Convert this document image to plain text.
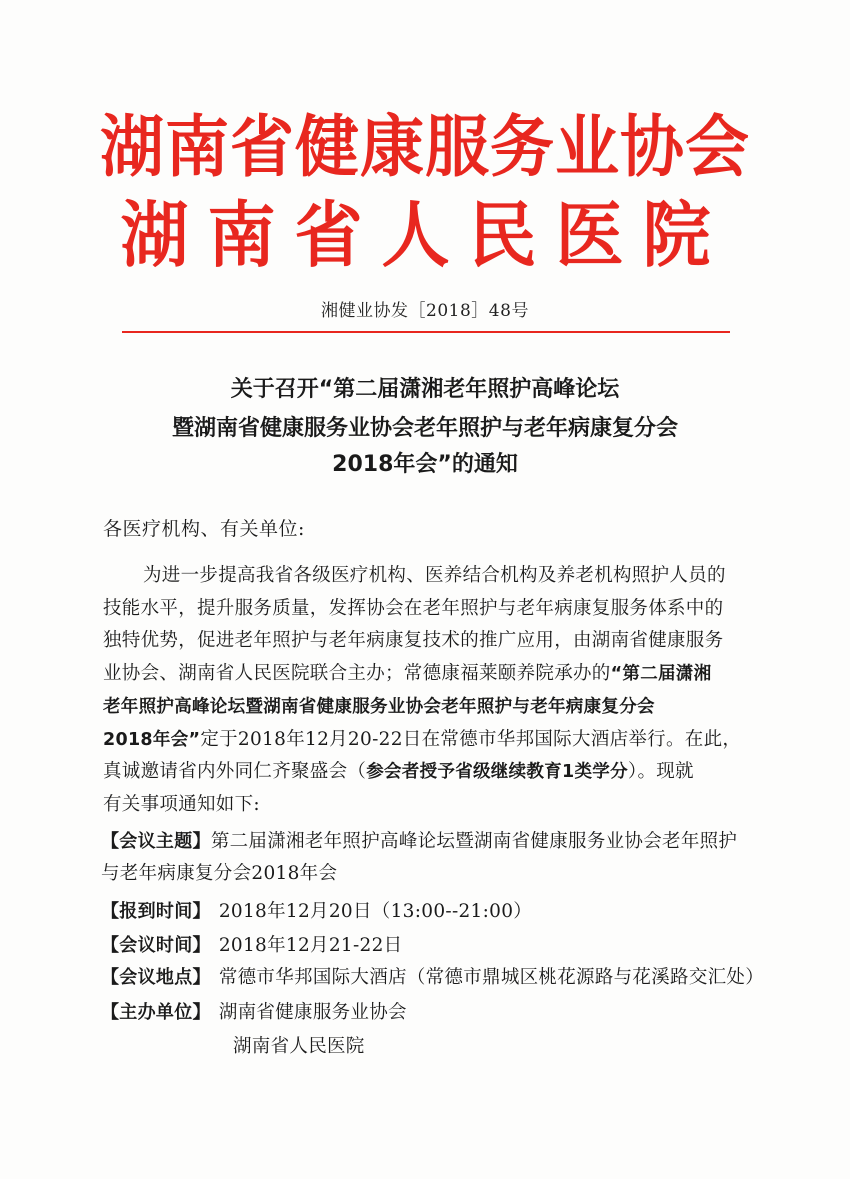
湖南省健康服务业协会
湖南省人民医院
湘健业协发［2018］48号
关于召开“第二届潇湘老年照护高峰论坛
暨湖南省健康服务业协会老年照护与老年病康复分会
2018年会”的通知
各医疗机构、有关单位:
为进一步提高我省各级医疗机构、医养结合机构及养老机构照护人员的
技能水平，提升服务质量，发挥协会在老年照护与老年病康复服务体系中的
独特优势，促进老年照护与老年病康复技术的推广应用，由湖南省健康服务
业协会、湖南省人民医院联合主办；常德康福莱颐养院承办的“第二届潇湘
老年照护高峰论坛暨湖南省健康服务业协会老年照护与老年病康复分会
2018年会”定于2018年12月20-22日在常德市华邦国际大酒店举行。在此，
真诚邀请省内外同仁齐聚盛会（参会者授予省级继续教育1类学分）。现就
有关事项通知如下:
【会议主题】第二届潇湘老年照护高峰论坛暨湖南省健康服务业协会老年照护与老年病康复分会2018年会
【报到时间】 2018年12月20日（13:00--21:00）
【会议时间】 2018年12月21-22日
【会议地点】 常德市华邦国际大酒店（常德市鼎城区桃花源路与花溪路交汇处）
【主办单位】 湖南省健康服务业协会
湖南省人民医院
